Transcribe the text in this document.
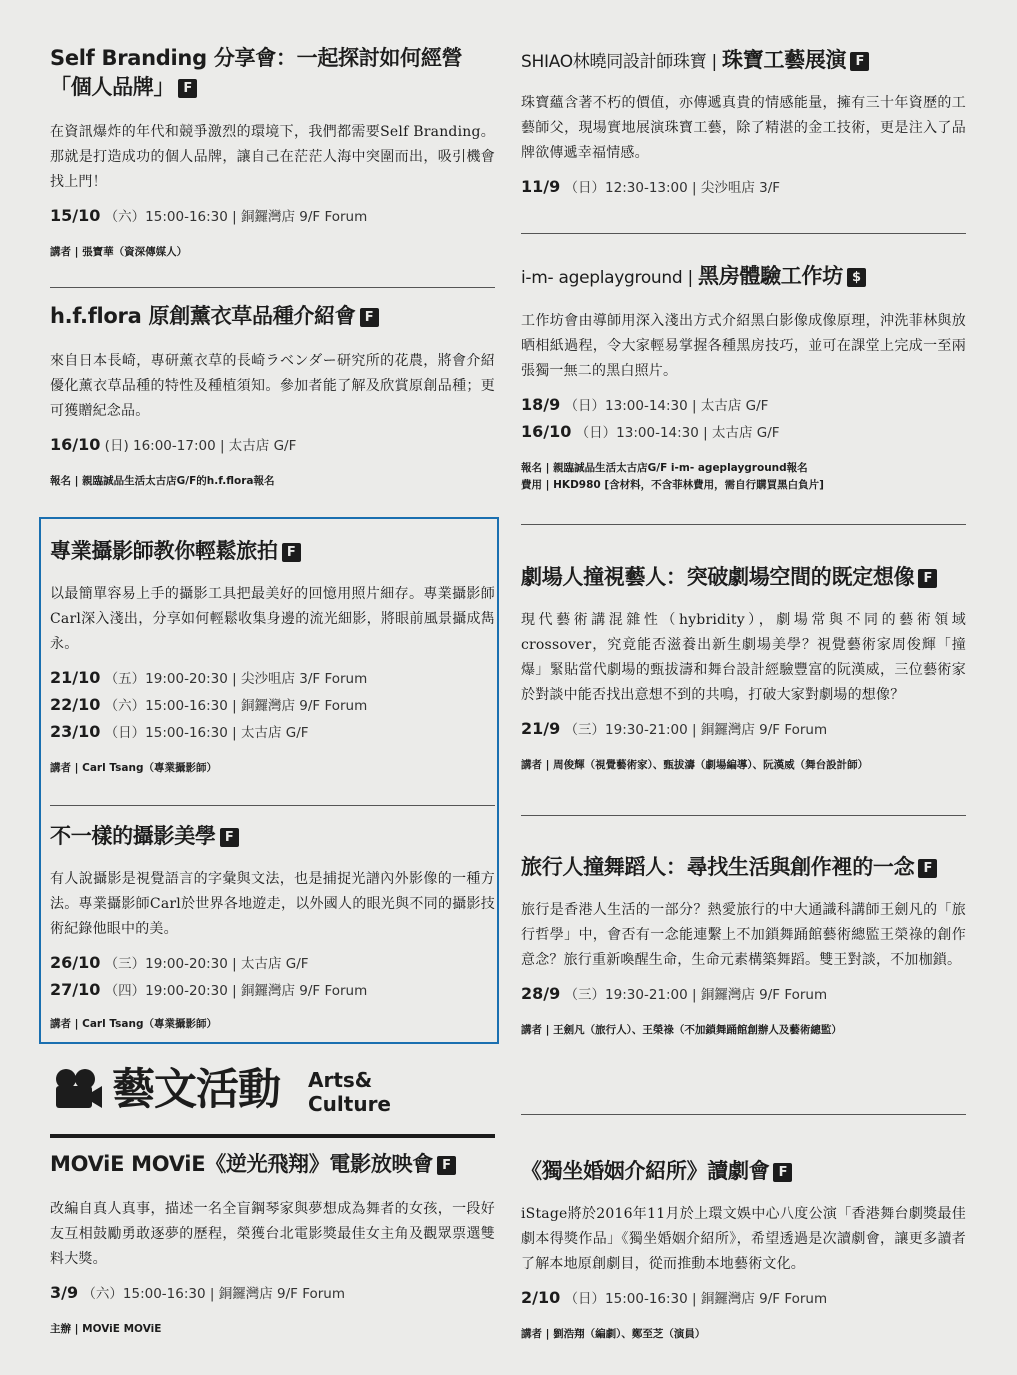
Self Branding 分享會：一起探討如何經營「個人品牌」 F

在資訊爆炸的年代和競爭激烈的環境下，我們都需要Self Branding。那就是打造成功的個人品牌，讓自己在茫茫人海中突圍而出，吸引機會找上門！

15/10 （六）15:00-16:30 | 銅鑼灣店 9/F Forum

講者 | 張寶華（資深傳媒人）

h.f.flora 原創薰衣草品種介紹會 F

來自日本長崎，專研薰衣草的長崎ラベンダー研究所的花農，將會介紹優化薰衣草品種的特性及種植須知。參加者能了解及欣賞原創品種；更可獲贈紀念品。

16/10 (日) 16:00-17:00 | 太古店 G/F

報名 | 親臨誠品生活太古店G/F的h.f.flora報名

專業攝影師教你輕鬆旅拍 F

以最簡單容易上手的攝影工具把最美好的回憶用照片細存。專業攝影師Carl深入淺出，分享如何輕鬆收集身邊的流光細影，將眼前風景攝成雋永。

21/10 （五）19:00-20:30 | 尖沙咀店 3/F Forum
22/10 （六）15:00-16:30 | 銅鑼灣店 9/F Forum
23/10 （日）15:00-16:30 | 太古店 G/F

講者 | Carl Tsang（專業攝影師）

不一樣的攝影美學 F

有人說攝影是視覺語言的字彙與文法，也是捕捉光譜內外影像的一種方法。專業攝影師Carl於世界各地遊走，以外國人的眼光與不同的攝影技術紀錄他眼中的美。

26/10 （三）19:00-20:30 | 太古店 G/F
27/10 （四）19:00-20:30 | 銅鑼灣店 9/F Forum

講者 | Carl Tsang（專業攝影師）

MOViE MOViE《逆光飛翔》電影放映會 F

改編自真人真事，描述一名全盲鋼琴家與夢想成為舞者的女孩，一段好友互相鼓勵勇敢逐夢的歷程，榮獲台北電影獎最佳女主角及觀眾票選雙料大獎。

3/9 （六）15:00-16:30 | 銅鑼灣店 9/F Forum

主辦 | MOViE MOViE

藝文活動 Arts&
Culture
SHIAO林曉同設計師珠寶 | 珠寶工藝展演 F

珠寶蘊含著不朽的價值，亦傳遞真貴的情感能量，擁有三十年資歷的工藝師父，現場實地展演珠寶工藝，除了精湛的金工技術，更是注入了品牌欲傳遞幸福情感。

11/9 （日）12:30-13:00 | 尖沙咀店 3/F
i-m- ageplayground | 黑房體驗工作坊 $

工作坊會由導師用深入淺出方式介紹黑白影像成像原理，沖洗菲林與放晒相紙過程，令大家輕易掌握各種黑房技巧，並可在課堂上完成一至兩張獨一無二的黑白照片。

18/9 （日）13:00-14:30 | 太古店 G/F
16/10 （日）13:00-14:30 | 太古店 G/F

報名 | 親臨誠品生活太古店G/F i-m- ageplayground報名

費用 | HKD980 [含材料，不含菲林費用，需自行購買黑白負片]

劇場人撞視藝人：突破劇場空間的既定想像 F

現代藝術講混雜性（hybridity），劇場常與不同的藝術領域crossover，究竟能否滋養出新生劇場美學？視覺藝術家周俊輝「撞爆」緊貼當代劇場的甄拔濤和舞台設計經驗豐富的阮漢威，三位藝術家於對談中能否找出意想不到的共鳴，打破大家對劇場的想像？

21/9 （三）19:30-21:00 | 銅鑼灣店 9/F Forum

講者 | 周俊輝（視覺藝術家）、甄拔濤（劇場編導）、阮漢威（舞台設計師）

旅行人撞舞蹈人：尋找生活與創作裡的一念 F

旅行是香港人生活的一部分？熱愛旅行的中大通識科講師王劍凡的「旅行哲學」中，會否有一念能連繫上不加鎖舞踊館藝術總監王榮祿的創作意念？旅行重新喚醒生命，生命元素構築舞蹈。雙王對談，不加枷鎖。

28/9 （三）19:30-21:00 | 銅鑼灣店 9/F Forum

講者 | 王劍凡（旅行人）、王榮祿（不加鎖舞踊館創辦人及藝術總監）

《獨坐婚姻介紹所》讀劇會 F

iStage將於2016年11月於上環文娛中心八度公演「香港舞台劇獎最佳劇本得獎作品」《獨坐婚姻介紹所》，希望透過是次讀劇會，讓更多讀者了解本地原創劇目，從而推動本地藝術文化。

2/10 （日）15:00-16:30 | 銅鑼灣店 9/F Forum

講者 | 劉浩翔（編劇）、鄭至芝（演員）
